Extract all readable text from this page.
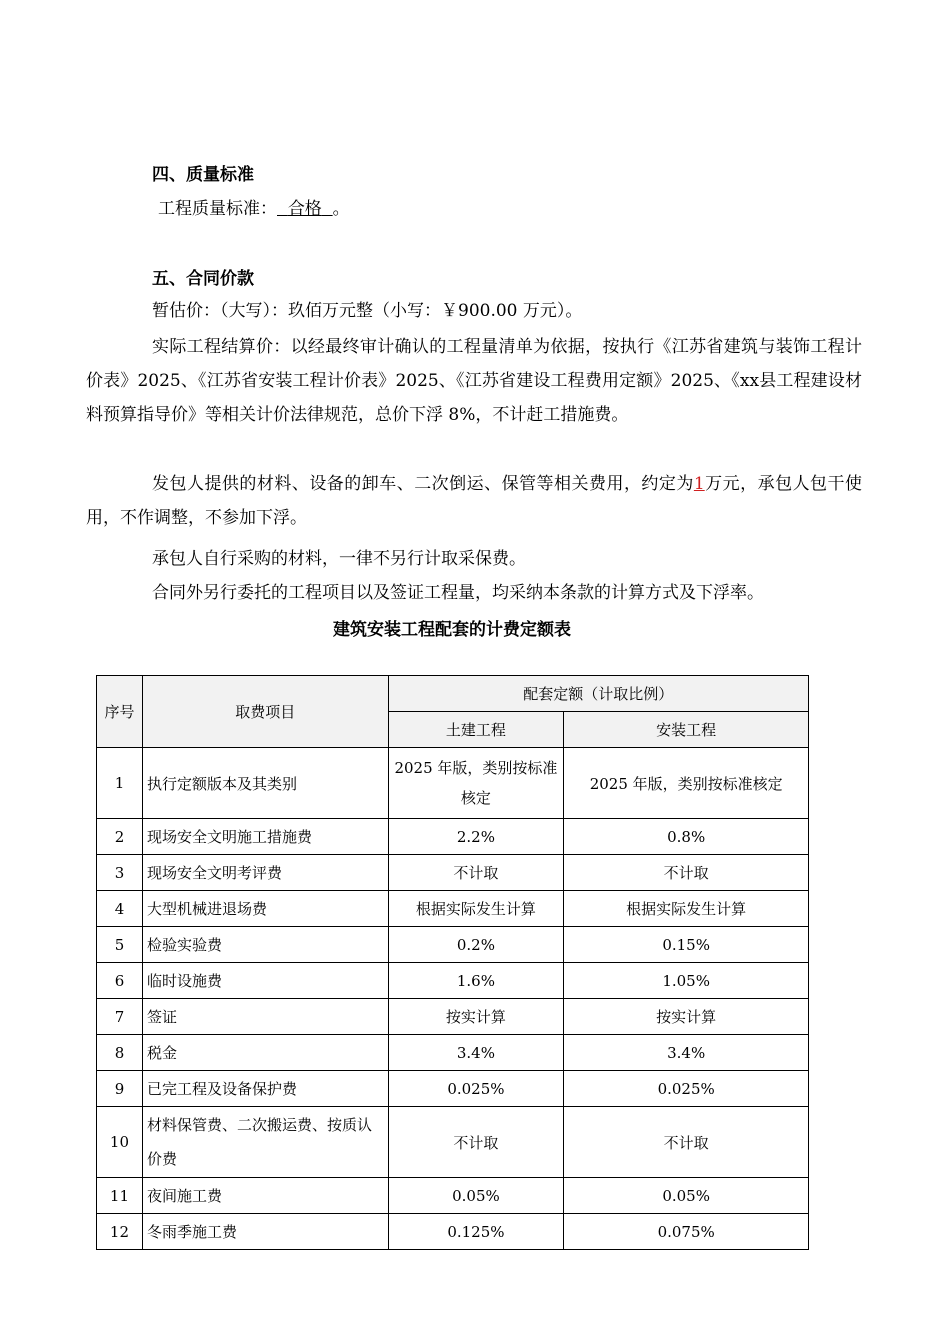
四、质量标准
工程质量标准： 合格 。
五、合同价款
暂估价：（大写）：玖佰万元整（小写：￥900.00 万元）。

实际工程结算价：以经最终审计确认的工程量清单为依据，按执行《江苏省建筑与装饰工程计价表》2025、《江苏省安装工程计价表》2025、《江苏省建设工程费用定额》2025、《xx县工程建设材料预算指导价》等相关计价法律规范，总价下浮 8%，不计赶工措施费。

发包人提供的材料、设备的卸车、二次倒运、保管等相关费用，约定为1万元，承包人包干使用，不作调整，不参加下浮。

承包人自行采购的材料，一律不另行计取采保费。
合同外另行委托的工程项目以及签证工程量，均采纳本条款的计算方式及下浮率。
建筑安装工程配套的计费定额表
序号	取费项目	配套定额（计取比例）	
		土建工程	安装工程
1	执行定额版本及其类别	2025 年版，类别按标准核定	2025 年版，类别按标准核定
2	现场安全文明施工措施费	2.2%	0.8%
3	现场安全文明考评费	不计取	不计取
4	大型机械进退场费	根据实际发生计算	根据实际发生计算
5	检验实验费	0.2%	0.15%
6	临时设施费	1.6%	1.05%
7	签证	按实计算	按实计算
8	税金	3.4%	3.4%
9	已完工程及设备保护费	0.025%	0.025%
10	材料保管费、二次搬运费、按质认价费	不计取	不计取
11	夜间施工费	0.05%	0.05%
12	冬雨季施工费	0.125%	0.075%
